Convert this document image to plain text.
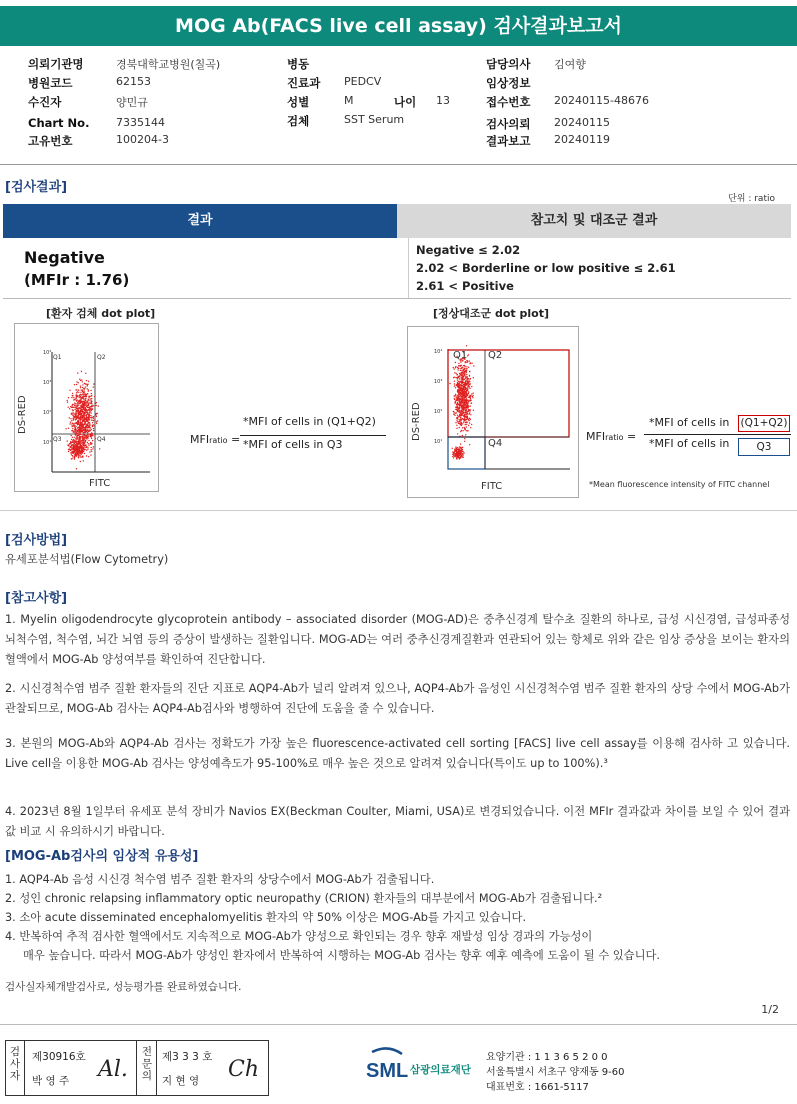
MOG Ab(FACS live cell assay) 검사결과보고서
의뢰기관명	경북대학교병원(칠곡)
병원코드	62153
수진자	양민규
Chart No. 7335144
고유번호	100204-3
병동
진료과 PEDCV
성별	M	나이 13
검체	SST Serum
담당의사 김여향
임상정보
접수번호 20240115-48676
검사의뢰 20240115
결과보고 20240119
[검사결과]
단위 : ratio
결과	참고치 및 대조군 결과
Negative
(MFIr : 1.76)
Negative ≤ 2.02
2.02 < Borderline or low positive ≤ 2.61
2.61 < Positive
[환자 검체 dot plot]
10⁴
10³
10²
10¹
Q1	Q2
Q3	Q4
DS-RED
FITC
MFIratio =
*MFI of cells in (Q1+Q2)
*MFI of cells in Q3
[정상대조군 dot plot]
10⁴
10³
10²
10¹
Q1 Q2
Q4
DS-RED
FITC
MFIratio =
*MFI of cells in (Q1+Q2)
*MFI of cells in	Q3
*Mean fluorescence intensity of FITC channel
[검사방법]
유세포분석법(Flow Cytometry)
[참고사항]
1. Myelin oligodendrocyte glycoprotein antibody – associated disorder (MOG-AD)은 중추신경계 탈수초 질환의 하나로, 급성 시신경염, 급성파종성 뇌척수염, 척수염, 뇌간 뇌염 등의 증상이 발생하는 질환입니다. MOG-AD는 여러 중추신경계질환과 연관되어 있는 항체로 위와 같은 임상 증상을 보이는 환자의 혈액에서 MOG-Ab 양성여부를 확인하여 진단합니다.
2. 시신경척수염 범주 질환 환자들의 진단 지표로 AQP4-Ab가 널리 알려져 있으나, AQP4-Ab가 음성인 시신경척수염 범주 질환 환자의 상당 수에서 MOG-Ab가 관찰되므로, MOG-Ab 검사는 AQP4-Ab검사와 병행하여 진단에 도움을 줄 수 있습니다.
3. 본원의 MOG-Ab와 AQP4-Ab 검사는 정확도가 가장 높은 fluorescence-activated cell sorting [FACS] live cell assay를 이용해 검사하 고 있습니다. Live cell을 이용한 MOG-Ab 검사는 양성예측도가 95-100%로 매우 높은 것으로 알려져 있습니다(특이도 up to 100%).³
4. 2023년 8월 1일부터 유세포 분석 장비가 Navios EX(Beckman Coulter, Miami, USA)로 변경되었습니다. 이전 MFIr 결과값과 차이를 보일 수 있어 결과값 비교 시 유의하시기 바랍니다.
[MOG-Ab검사의 임상적 유용성]
1. AQP4-Ab 음성 시신경 척수염 범주 질환 환자의 상당수에서 MOG-Ab가 검출됩니다.
2. 성인 chronic relapsing inflammatory optic neuropathy (CRION) 환자들의 대부분에서 MOG-Ab가 검출됩니다.²
3. 소아 acute disseminated encephalomyelitis 환자의 약 50% 이상은 MOG-Ab를 가지고 있습니다.
4. 반복하여 추적 검사한 혈액에서도 지속적으로 MOG-Ab가 양성으로 확인되는 경우 향후 재발성 임상 경과의 가능성이
매우 높습니다. 따라서 MOG-Ab가 양성인 환자에서 반복하여 시행하는 MOG-Ab 검사는 향후 예후 예측에 도움이 될 수 있습니다.
검사실자체개발검사로, 성능평가를 완료하였습니다.
1/2
검사자
제30916호
박 영 주 Al.
전문의
제3 3 3 호
지 현 영 Ch	SML 삼광의료재단
요양기관 : 1 1 3 6 5 2 0 0
서울특별시 서초구 양재동 9-60
대표번호 : 1661-5117
